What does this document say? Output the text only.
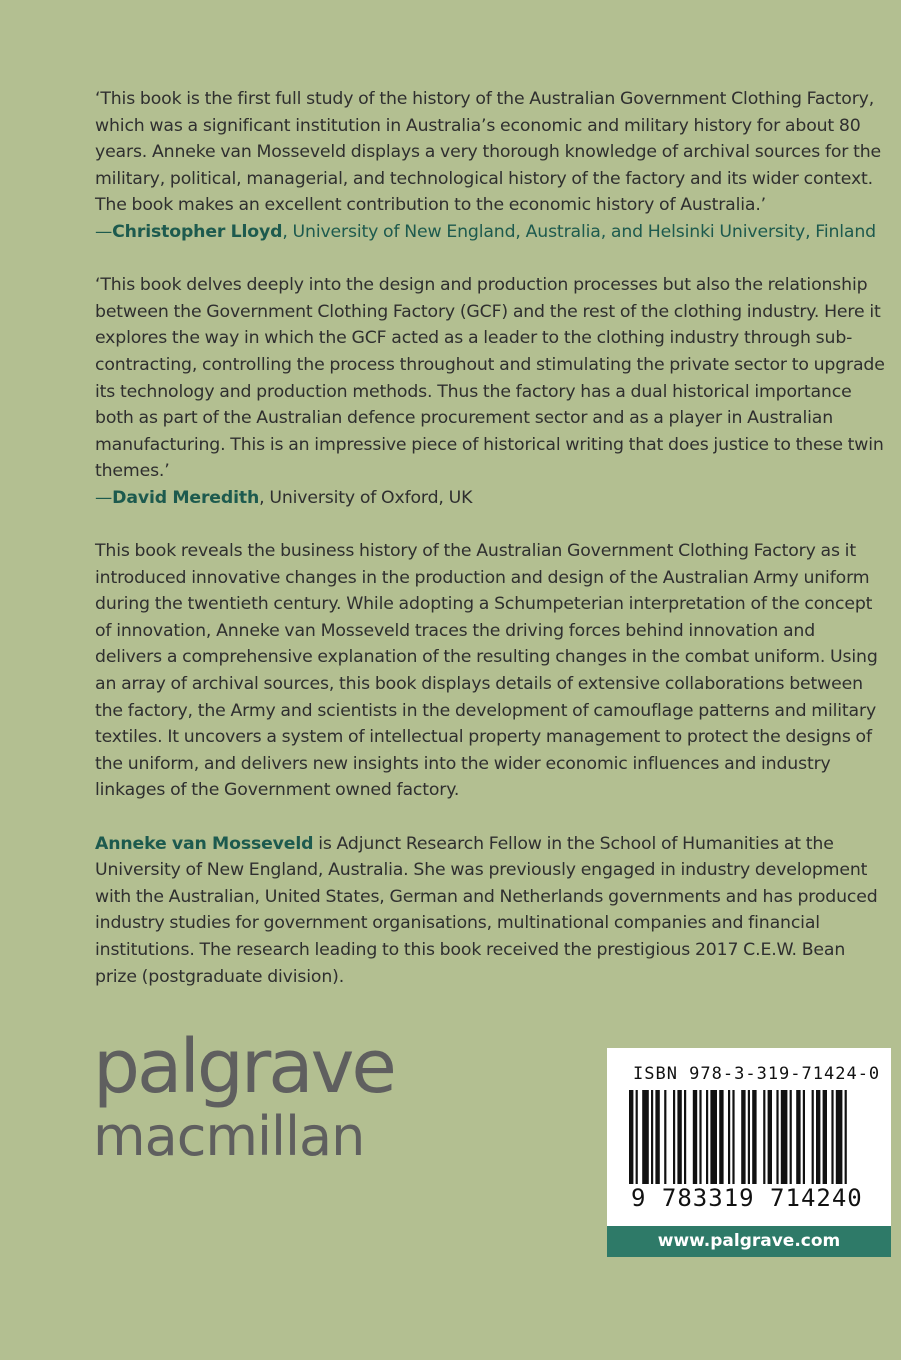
‘This book is the first full study of the history of the Australian Government Clothing Factory, which was a significant institution in Australia’s economic and military history for about 80 years. Anneke van Mosseveld displays a very thorough knowledge of archival sources for the military, political, managerial, and technological history of the factory and its wider context. The book makes an excellent contribution to the economic history of Australia.’

—Christopher Lloyd, University of New England, Australia, and Helsinki University, Finland

‘This book delves deeply into the design and production processes but also the relationship between the Government Clothing Factory (GCF) and the rest of the clothing industry. Here it explores the way in which the GCF acted as a leader to the clothing industry through sub-contracting, controlling the process throughout and stimulating the private sector to upgrade its technology and production methods. Thus the factory has a dual historical importance both as part of the Australian defence procurement sector and as a player in Australian manufacturing. This is an impressive piece of historical writing that does justice to these twin themes.’

—David Meredith, University of Oxford, UK

This book reveals the business history of the Australian Government Clothing Factory as it introduced innovative changes in the production and design of the Australian Army uniform during the twentieth century. While adopting a Schumpeterian interpretation of the concept of innovation, Anneke van Mosseveld traces the driving forces behind innovation and delivers a comprehensive explanation of the resulting changes in the combat uniform. Using an array of archival sources, this book displays details of extensive collaborations between the factory, the Army and scientists in the development of camouflage patterns and military textiles. It uncovers a system of intellectual property management to protect the designs of the uniform, and delivers new insights into the wider economic influences and industry linkages of the Government owned factory.

Anneke van Mosseveld is Adjunct Research Fellow in the School of Humanities at the University of New England, Australia. She was previously engaged in industry development with the Australian, United States, German and Netherlands governments and has produced industry studies for government organisations, multinational companies and financial institutions. The research leading to this book received the prestigious 2017 C.E.W. Bean prize (postgraduate division).

palgrave
macmillan
ISBN 978-3-319-71424-0
9 783319 714240
www.palgrave.com
